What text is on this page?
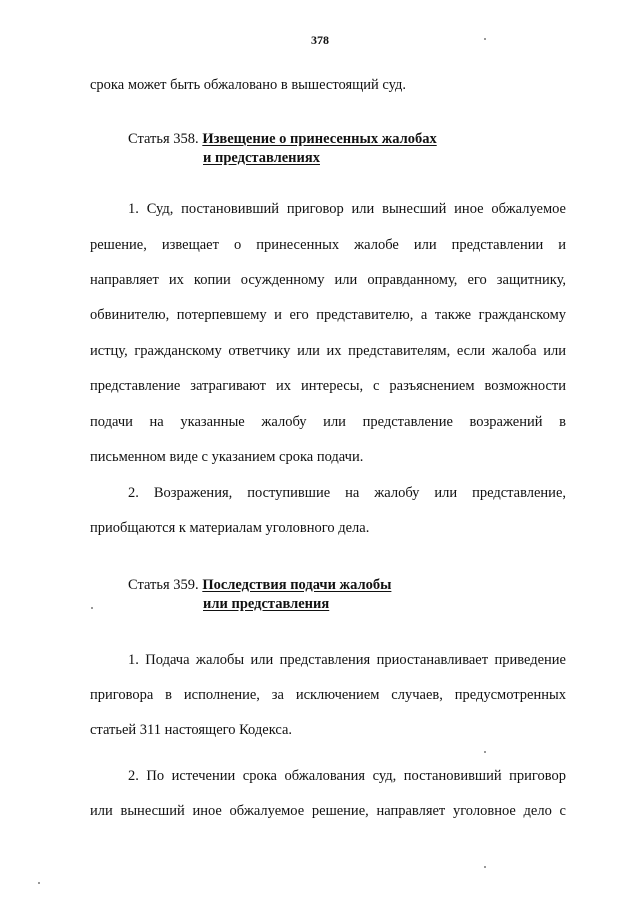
378
срока может быть обжаловано в вышестоящий суд.
Статья 358. Извещение о принесенных жалобах
и представлениях
1. Суд, постановивший приговор или вынесший иное обжалуемое
решение, извещает о принесенных жалобе или представлении и
направляет их копии осужденному или оправданному, его защитнику,
обвинителю, потерпевшему и его представителю, а также гражданскому
истцу, гражданскому ответчику или их представителям, если жалоба или
представление затрагивают их интересы, с разъяснением возможности
подачи на указанные жалобу или представление возражений в
письменном виде с указанием срока подачи.
2. Возражения, поступившие на жалобу или представление,
приобщаются к материалам уголовного дела.
Статья 359. Последствия подачи жалобы
или представления
1. Подача жалобы или представления приостанавливает приведение
приговора в исполнение, за исключением случаев, предусмотренных
статьей 311 настоящего Кодекса.
2. По истечении срока обжалования суд, постановивший приговор
или вынесший иное обжалуемое решение, направляет уголовное дело с
